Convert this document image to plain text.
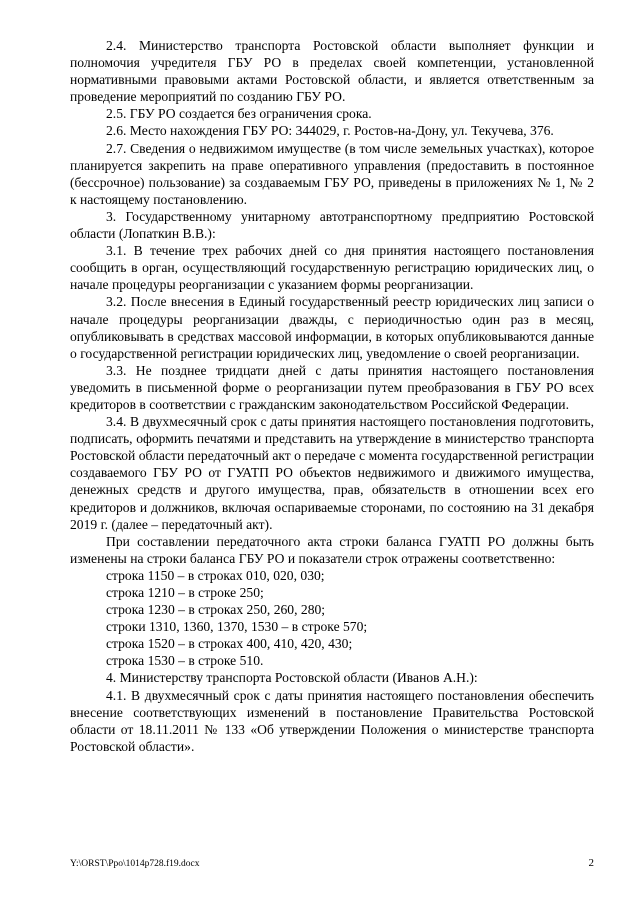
2.4. Министерство транспорта Ростовской области выполняет функции и полномочия учредителя ГБУ РО в пределах своей компетенции, установленной нормативными правовыми актами Ростовской области, и является ответственным за проведение мероприятий по созданию ГБУ РО.

2.5. ГБУ РО создается без ограничения срока.

2.6. Место нахождения ГБУ РО: 344029, г. Ростов-на-Дону, ул. Текучева, 376.

2.7. Сведения о недвижимом имуществе (в том числе земельных участках), которое планируется закрепить на праве оперативного управления (предоставить в постоянное (бессрочное) пользование) за создаваемым ГБУ РО, приведены в приложениях № 1, № 2 к настоящему постановлению.

3. Государственному унитарному автотранспортному предприятию Ростовской области (Лопаткин В.В.):

3.1. В течение трех рабочих дней со дня принятия настоящего постановления сообщить в орган, осуществляющий государственную регистрацию юридических лиц, о начале процедуры реорганизации с указанием формы реорганизации.

3.2. После внесения в Единый государственный реестр юридических лиц записи о начале процедуры реорганизации дважды, с периодичностью один раз в месяц, опубликовывать в средствах массовой информации, в которых опубликовываются данные о государственной регистрации юридических лиц, уведомление о своей реорганизации.

3.3. Не позднее тридцати дней с даты принятия настоящего постановления уведомить в письменной форме о реорганизации путем преобразования в ГБУ РО всех кредиторов в соответствии с гражданским законодательством Российской Федерации.

3.4. В двухмесячный срок с даты принятия настоящего постановления подготовить, подписать, оформить печатями и представить на утверждение в министерство транспорта Ростовской области передаточный акт о передаче с момента государственной регистрации создаваемого ГБУ РО от ГУАТП РО объектов недвижимого и движимого имущества, денежных средств и другого имущества, прав, обязательств в отношении всех его кредиторов и должников, включая оспариваемые сторонами, по состоянию на 31 декабря 2019 г. (далее – передаточный акт).

При составлении передаточного акта строки баланса ГУАТП РО должны быть изменены на строки баланса ГБУ РО и показатели строк отражены соответственно:

строка 1150 – в строках 010, 020, 030;

строка 1210 – в строке 250;

строка 1230 – в строках 250, 260, 280;

строки 1310, 1360, 1370, 1530 – в строке 570;

строка 1520 – в строках 400, 410, 420, 430;

строка 1530 – в строке 510.

4. Министерству транспорта Ростовской области (Иванов А.Н.):

4.1. В двухмесячный срок с даты принятия настоящего постановления обеспечить внесение соответствующих изменений в постановление Правительства Ростовской области от 18.11.2011 № 133 «Об утверждении Положения о министерстве транспорта Ростовской области».

Y:\ORST\Ppo\1014p728.f19.docx	2
